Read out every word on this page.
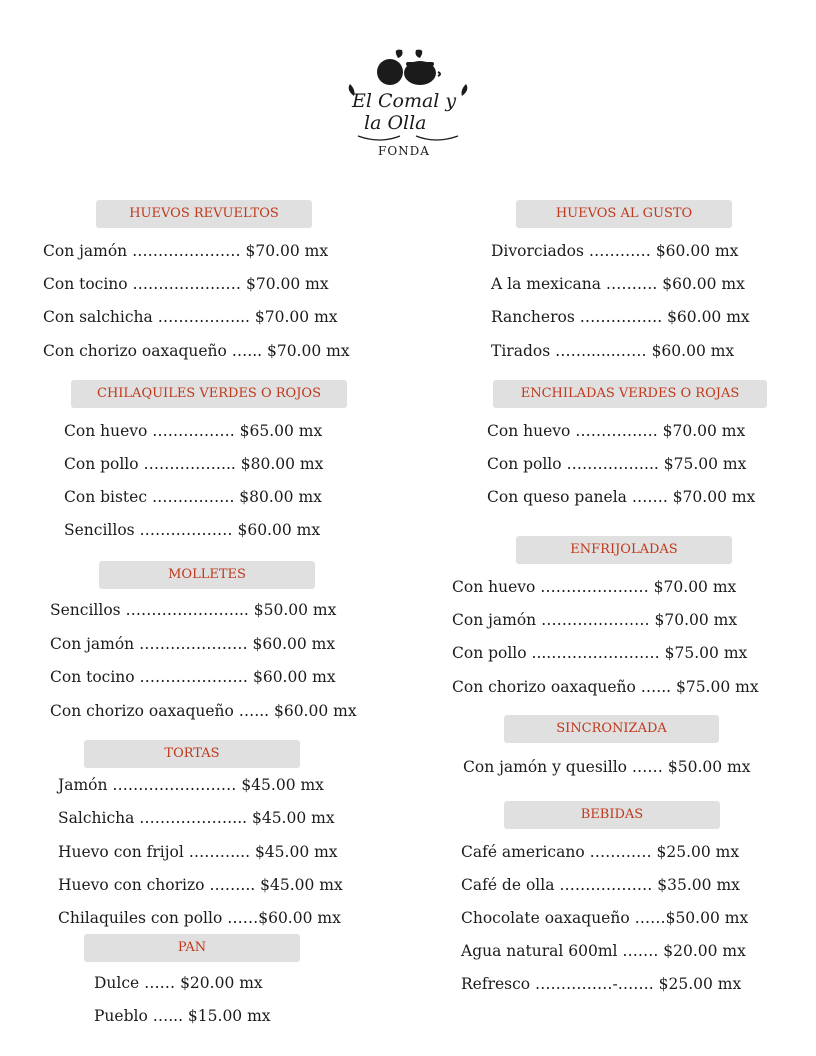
El Comal y
la Olla
FONDA
HUEVOS REVUELTOS
Con jamón ………………… $70.00 mx
Con tocino ………………… $70.00 mx
Con salchicha ……………... $70.00 mx
Con chorizo oaxaqueño …... $70.00 mx
HUEVOS AL GUSTO
Divorciados ………… $60.00 mx
A la mexicana ………. $60.00 mx
Rancheros ……………. $60.00 mx
Tirados ……......…… $60.00 mx
CHILAQUILES VERDES O ROJOS
Con huevo ……………. $65.00 mx
Con pollo ……………... $80.00 mx
Con bistec ……………. $80.00 mx
Sencillos ……………… $60.00 mx
ENCHILADAS VERDES O ROJAS
Con huevo ……………. $70.00 mx
Con pollo ……………... $75.00 mx
Con queso panela ……. $70.00 mx
MOLLETES
Sencillos …………………... $50.00 mx
Con jamón ………………… $60.00 mx
Con tocino ………………… $60.00 mx
Con chorizo oaxaqueño …... $60.00 mx
ENFRIJOLADAS
Con huevo ………………… $70.00 mx
Con jamón ………………… $70.00 mx
Con pollo ....………………… $75.00 mx
Con chorizo oaxaqueño …... $75.00 mx
SINCRONIZADA
Con jamón y quesillo …… $50.00 mx
TORTAS
Jamón …………………… $45.00 mx
Salchicha ………………... $45.00 mx
Huevo con frijol ………... $45.00 mx
Huevo con chorizo ……... $45.00 mx
Chilaquiles con pollo ……$60.00 mx
BEBIDAS
Café americano ………… $25.00 mx
Café de olla ……………… $35.00 mx
Chocolate oaxaqueño ……$50.00 mx
Agua natural 600ml ……. $20.00 mx
Refresco ……………-……. $25.00 mx
PAN
Dulce …… $20.00 mx
Pueblo …... $15.00 mx
